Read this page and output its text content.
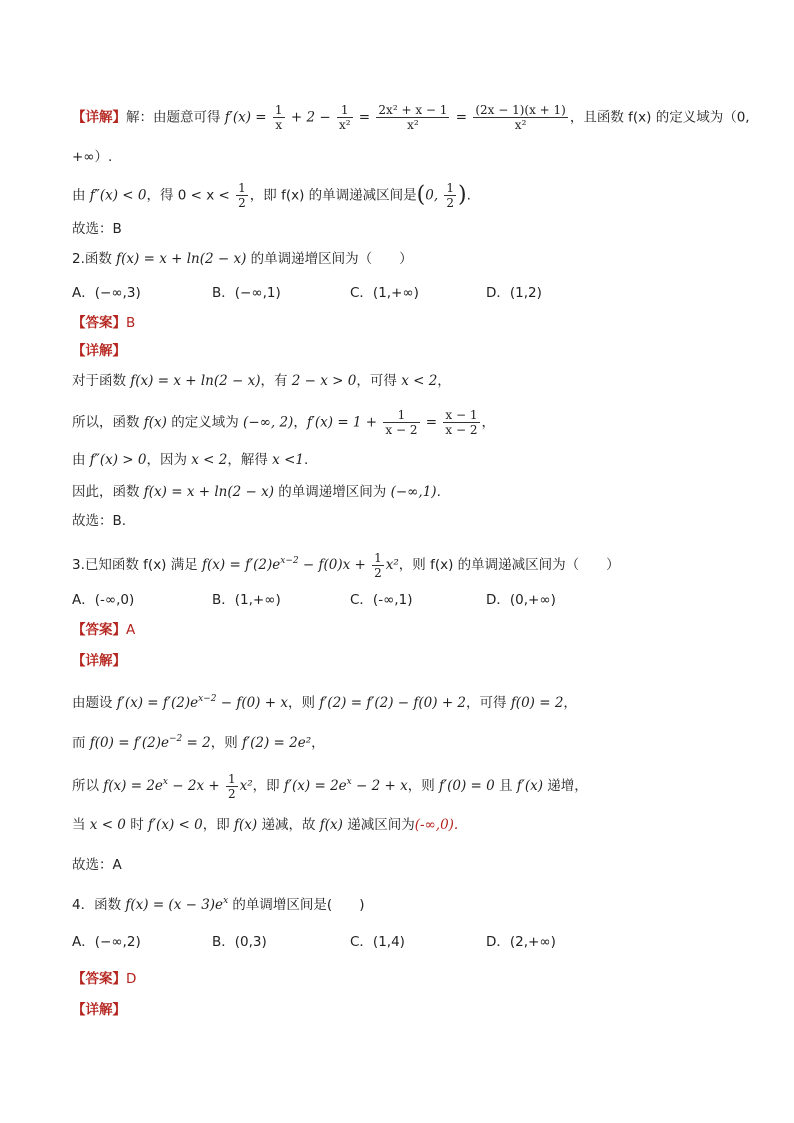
【详解】解：由题意可得 $f'(x) = \frac{1}{x} + 2 - \frac{1}{\text{x²}} = \frac{\text{2x² + x − 1}}{\text{x²}} = \frac{(2x - 1)(x + 1)}{\text{x²}}$ ，且函数 f(x) 的定义域为（0,
+∞）.
由 f″(x) < 0，得 $0 < x < \frac{1}{2}$ ，即 f(x) 的单调递减区间是(0, $\frac{1}{2}$ ).
故选：B
2.函数 f(x) = x + ln(2 − x) 的单调递增区间为（　　）
A．(−∞,3)	B．(−∞,1)	C．(1,+∞)	D．(1,2)
【答案】B
【详解】
对于函数 f(x) = x + ln(2 − x)，有 2 − x > 0，可得 x < 2，
所以，函数 f(x) 的定义域为 (−∞, 2)，$f'(x) = 1 + \frac{1}{x - 2} = \frac{x - 1}{x - 2}$ ，
由 f″(x) > 0，因为 x < 2，解得 x <1.
因此，函数 f(x) = x + ln(2 − x) 的单调递增区间为 (−∞,1).
故选：B.
3.已知函数 f(x) 满足 $f(x) = f'(2)e^{x-2} - f(0)x + \frac{1}{2} x^2$，则 f(x) 的单调递减区间为（　　）
A．(-∞,0)	B．(1,+∞)	C．(-∞,1)	D．(0,+∞)
【答案】A
【详解】
由题设 $f'(x) = f'(2)e^{x-2} - f(0) + x$，则 f′(2) = f′(2) − f(0) + 2，可得 f(0) = 2，
而 $f(0) = f'(2)e^{-2} = 2$，则 f′(2) = 2e²，
所以 $f(x) = 2e^x - 2x + \frac{1}{2} x^2$，即 $f'(x) = 2e^x - 2 + x$，则 f′(0) = 0 且 f′(x) 递增，
当 x < 0 时 f′(x) < 0，即 f(x) 递减，故 f(x) 递减区间为(-∞,0).
故选：A
4．函数 $f(x) = (x - 3)e^x$ 的单调增区间是(　　)
A．(−∞,2)	B．(0,3)	C．(1,4)	D．(2,+∞)
【答案】D
【详解】
